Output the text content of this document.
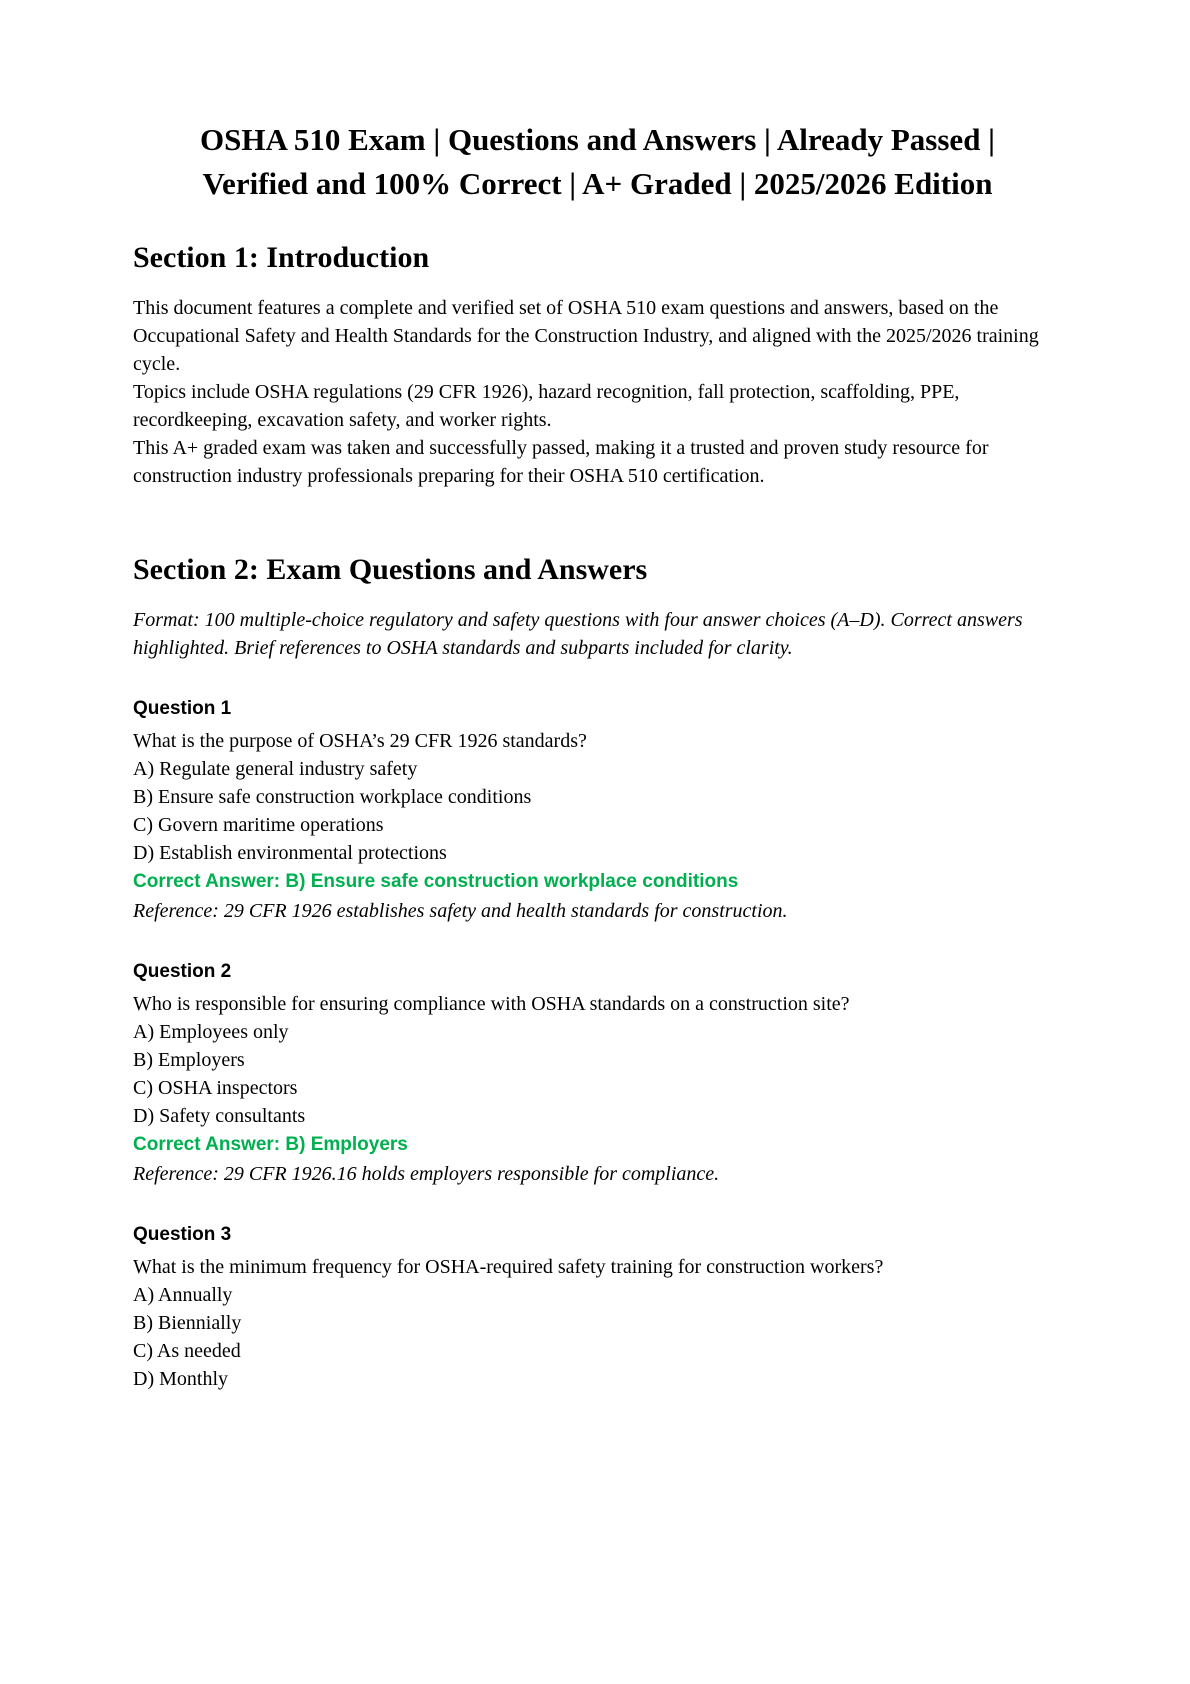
OSHA 510 Exam | Questions and Answers | Already Passed | Verified and 100% Correct | A+ Graded | 2025/2026 Edition
Section 1: Introduction

This document features a complete and verified set of OSHA 510 exam questions and answers, based on the Occupational Safety and Health Standards for the Construction Industry, and aligned with the 2025/2026 training cycle.

Topics include OSHA regulations (29 CFR 1926), hazard recognition, fall protection, scaffolding, PPE, recordkeeping, excavation safety, and worker rights.

This A+ graded exam was taken and successfully passed, making it a trusted and proven study resource for construction industry professionals preparing for their OSHA 510 certification.

Section 2: Exam Questions and Answers

Format: 100 multiple-choice regulatory and safety questions with four answer choices (A–D). Correct answers highlighted. Brief references to OSHA standards and subparts included for clarity.

Question 1

What is the purpose of OSHA’s 29 CFR 1926 standards?

A) Regulate general industry safety

B) Ensure safe construction workplace conditions

C) Govern maritime operations

D) Establish environmental protections

Correct Answer: B) Ensure safe construction workplace conditions

Reference: 29 CFR 1926 establishes safety and health standards for construction.

Question 2

Who is responsible for ensuring compliance with OSHA standards on a construction site?

A) Employees only

B) Employers

C) OSHA inspectors

D) Safety consultants

Correct Answer: B) Employers

Reference: 29 CFR 1926.16 holds employers responsible for compliance.

Question 3

What is the minimum frequency for OSHA-required safety training for construction workers?

A) Annually

B) Biennially

C) As needed

D) Monthly
